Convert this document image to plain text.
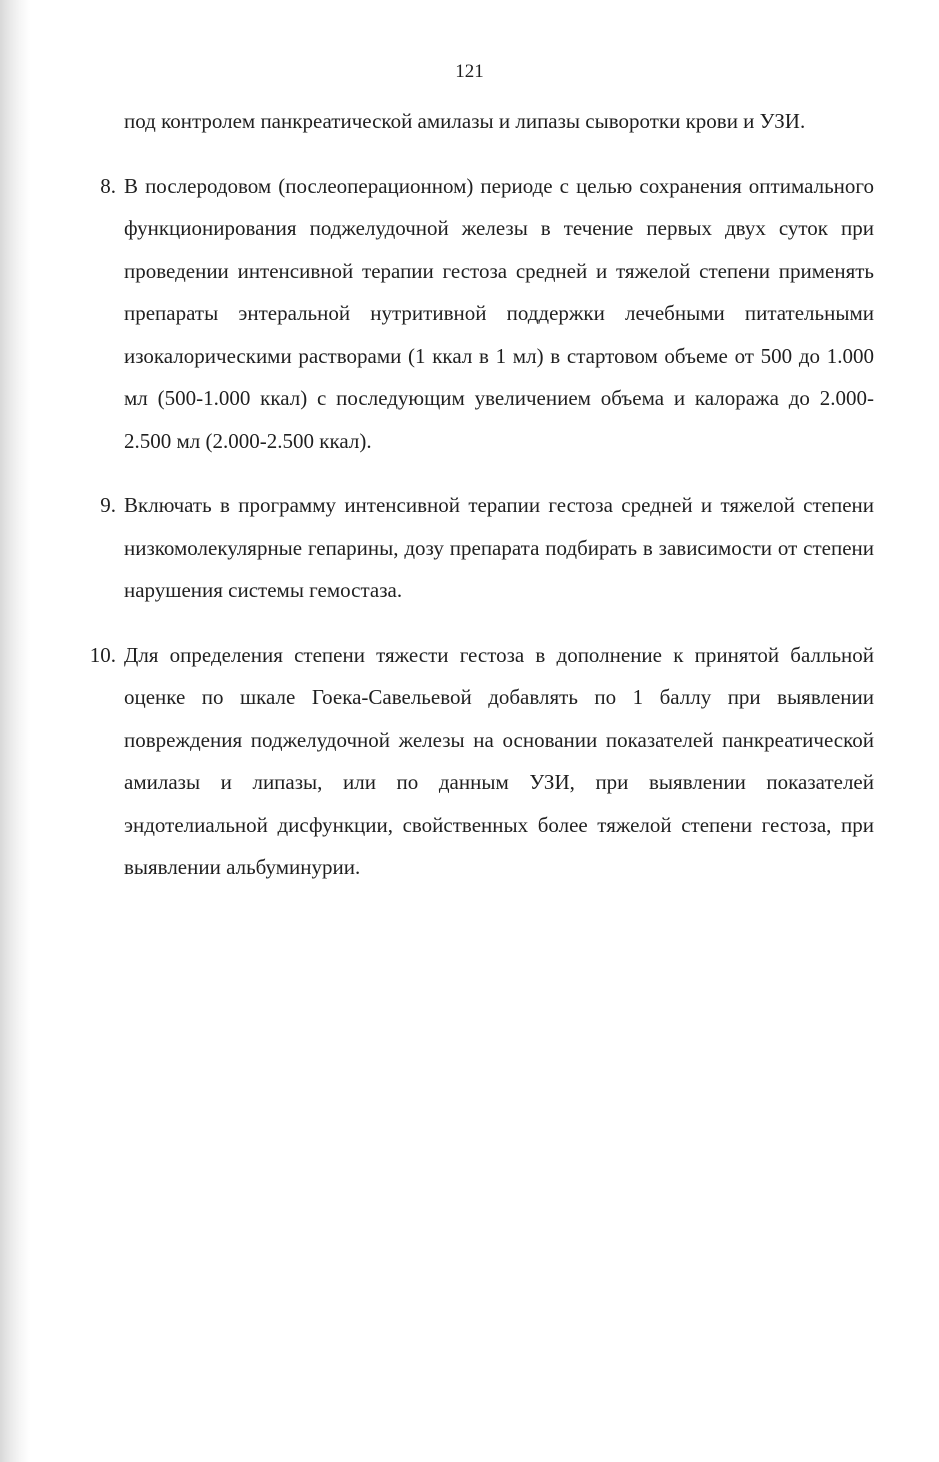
121

под контролем панкреатической амилазы и липазы сыворотки крови и УЗИ.

8. В послеродовом (послеоперационном) периоде с целью сохранения оптимального функционирования поджелудочной железы в течение первых двух суток при проведении интенсивной терапии гестоза средней и тяжелой степени применять препараты энтеральной нутритивной поддержки лечебными питательными изокалорическими растворами (1 ккал в 1 мл) в стартовом объеме от 500 до 1.000 мл (500-1.000 ккал) с последующим увеличением объема и калоража до 2.000-2.500 мл (2.000-2.500 ккал).
9. Включать в программу интенсивной терапии гестоза средней и тяжелой степени низкомолекулярные гепарины, дозу препарата подбирать в зависимости от степени нарушения системы гемостаза.
10. Для определения степени тяжести гестоза в дополнение к принятой балльной оценке по шкале Гоека-Савельевой добавлять по 1 баллу при выявлении повреждения поджелудочной железы на основании показателей панкреатической амилазы и липазы, или по данным УЗИ, при выявлении показателей эндотелиальной дисфункции, свойственных более тяжелой степени гестоза, при выявлении альбуминурии.
